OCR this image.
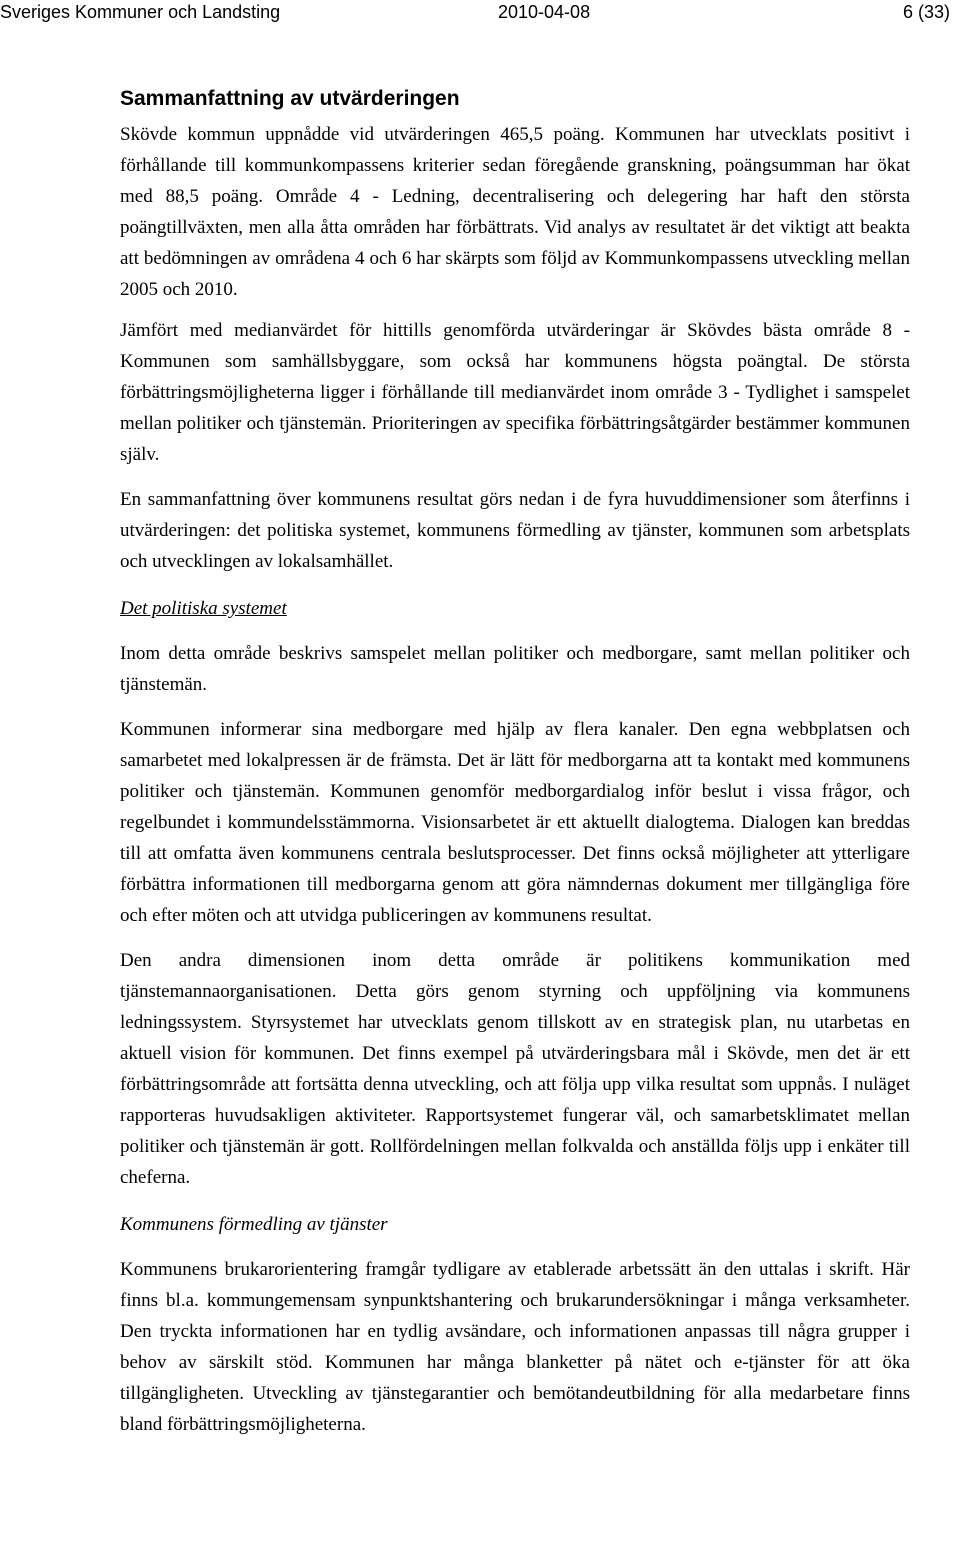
Sveriges Kommuner och Landsting	2010-04-08	6 (33)
Sammanfattning av utvärderingen

Skövde kommun uppnådde vid utvärderingen 465,5 poäng. Kommunen har utvecklats positivt i förhållande till kommunkompassens kriterier sedan föregående granskning, poängsumman har ökat med 88,5 poäng. Område 4 - Ledning, decentralisering och delegering har haft den största poängtillväxten, men alla åtta områden har förbättrats. Vid analys av resultatet är det viktigt att beakta att bedömningen av områdena 4 och 6 har skärpts som följd av Kommunkompassens utveckling mellan 2005 och 2010.

Jämfört med medianvärdet för hittills genomförda utvärderingar är Skövdes bästa område 8 - Kommunen som samhällsbyggare, som också har kommunens högsta poängtal. De största förbättringsmöjligheterna ligger i förhållande till medianvärdet inom område 3 - Tydlighet i samspelet mellan politiker och tjänstemän. Prioriteringen av specifika förbättringsåtgärder bestämmer kommunen själv.

En sammanfattning över kommunens resultat görs nedan i de fyra huvuddimensioner som återfinns i utvärderingen: det politiska systemet, kommunens förmedling av tjänster, kommunen som arbetsplats och utvecklingen av lokalsamhället.

Det politiska systemet

Inom detta område beskrivs samspelet mellan politiker och medborgare, samt mellan politiker och tjänstemän.

Kommunen informerar sina medborgare med hjälp av flera kanaler. Den egna webbplatsen och samarbetet med lokalpressen är de främsta. Det är lätt för medborgarna att ta kontakt med kommunens politiker och tjänstemän. Kommunen genomför medborgardialog inför beslut i vissa frågor, och regelbundet i kommundelsstämmorna. Visionsarbetet är ett aktuellt dialogtema. Dialogen kan breddas till att omfatta även kommunens centrala beslutsprocesser. Det finns också möjligheter att ytterligare förbättra informationen till medborgarna genom att göra nämndernas dokument mer tillgängliga före och efter möten och att utvidga publiceringen av kommunens resultat.

Den andra dimensionen inom detta område är politikens kommunikation med tjänstemannaorganisationen. Detta görs genom styrning och uppföljning via kommunens ledningssystem. Styrsystemet har utvecklats genom tillskott av en strategisk plan, nu utarbetas en aktuell vision för kommunen. Det finns exempel på utvärderingsbara mål i Skövde, men det är ett förbättringsområde att fortsätta denna utveckling, och att följa upp vilka resultat som uppnås. I nuläget rapporteras huvudsakligen aktiviteter. Rapportsystemet fungerar väl, och samarbetsklimatet mellan politiker och tjänstemän är gott. Rollfördelningen mellan folkvalda och anställda följs upp i enkäter till cheferna.

Kommunens förmedling av tjänster

Kommunens brukarorientering framgår tydligare av etablerade arbetssätt än den uttalas i skrift. Här finns bl.a. kommungemensam synpunktshantering och brukarundersökningar i många verksamheter. Den tryckta informationen har en tydlig avsändare, och informationen anpassas till några grupper i behov av särskilt stöd. Kommunen har många blanketter på nätet och e-tjänster för att öka tillgängligheten. Utveckling av tjänstegarantier och bemötandeutbildning för alla medarbetare finns bland förbättringsmöjligheterna.
